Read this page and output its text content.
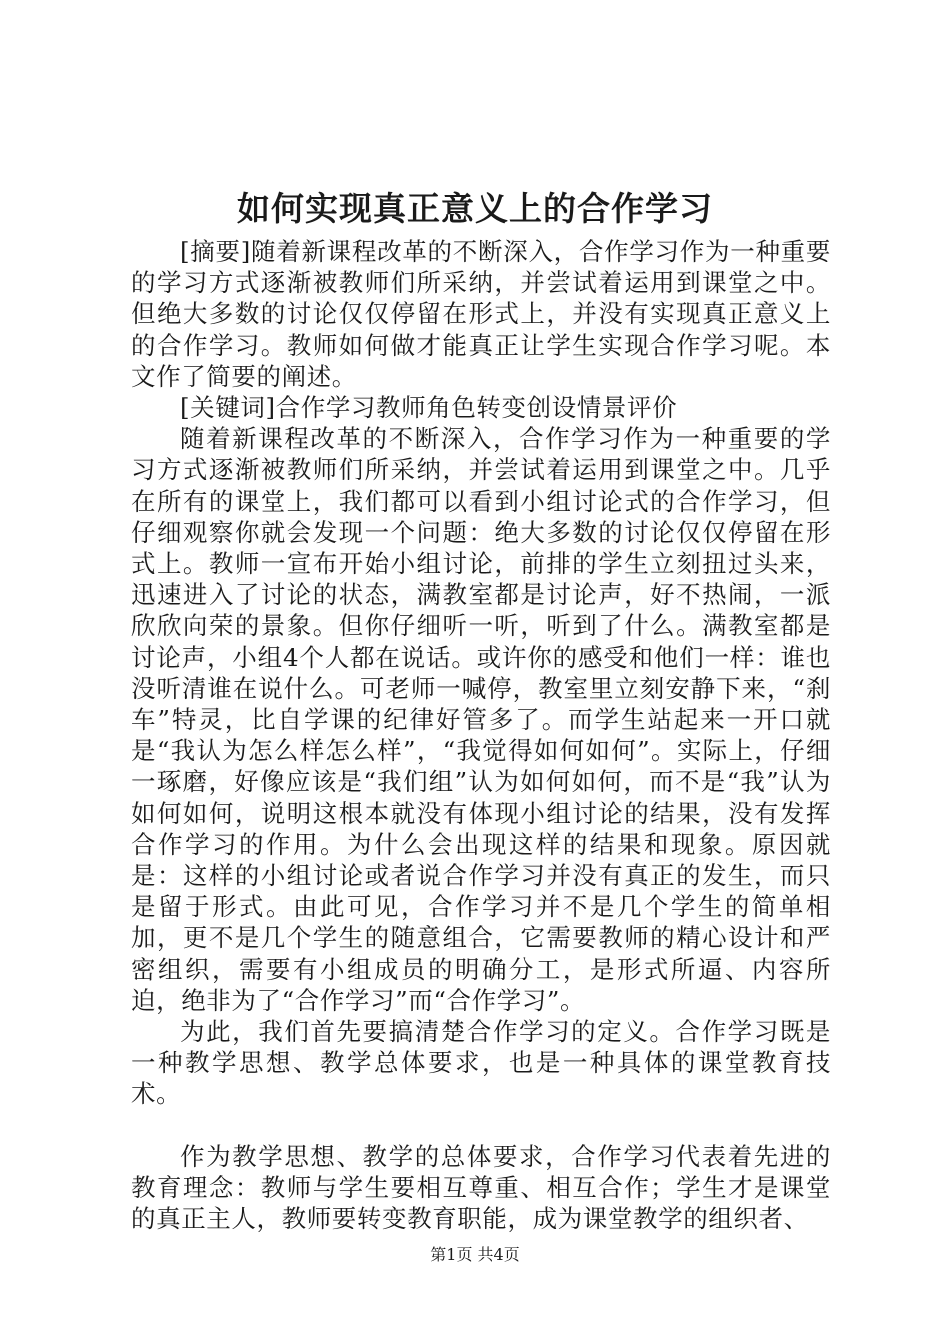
如何实现真正意义上的合作学习

[摘要]随着新课程改革的不断深入，合作学习作为一种重要的学习方式逐渐被教师们所采纳，并尝试着运用到课堂之中。但绝大多数的讨论仅仅停留在形式上，并没有实现真正意义上的合作学习。教师如何做才能真正让学生实现合作学习呢。本文作了简要的阐述。

[关键词]合作学习教师角色转变创设情景评价

随着新课程改革的不断深入，合作学习作为一种重要的学习方式逐渐被教师们所采纳，并尝试着运用到课堂之中。几乎在所有的课堂上，我们都可以看到小组讨论式的合作学习，但仔细观察你就会发现一个问题：绝大多数的讨论仅仅停留在形式上。教师一宣布开始小组讨论，前排的学生立刻扭过头来，迅速进入了讨论的状态，满教室都是讨论声，好不热闹，一派欣欣向荣的景象。但你仔细听一听，听到了什么。满教室都是讨论声，小组4个人都在说话。或许你的感受和他们一样：谁也没听清谁在说什么。可老师一喊停，教室里立刻安静下来，“刹车”特灵，比自学课的纪律好管多了。而学生站起来一开口就是“我认为怎么样怎么样”，“我觉得如何如何”。实际上，仔细一琢磨，好像应该是“我们组”认为如何如何，而不是“我”认为如何如何，说明这根本就没有体现小组讨论的结果，没有发挥合作学习的作用。为什么会出现这样的结果和现象。原因就是：这样的小组讨论或者说合作学习并没有真正的发生，而只是留于形式。由此可见，合作学习并不是几个学生的简单相加，更不是几个学生的随意组合，它需要教师的精心设计和严密组织，需要有小组成员的明确分工，是形式所逼、内容所迫，绝非为了“合作学习”而“合作学习”。

为此，我们首先要搞清楚合作学习的定义。合作学习既是一种教学思想、教学总体要求，也是一种具体的课堂教育技术。

作为教学思想、教学的总体要求，合作学习代表着先进的教育理念：教师与学生要相互尊重、相互合作；学生才是课堂的真正主人，教师要转变教育职能，成为课堂教学的组织者、

第1页 共4页
